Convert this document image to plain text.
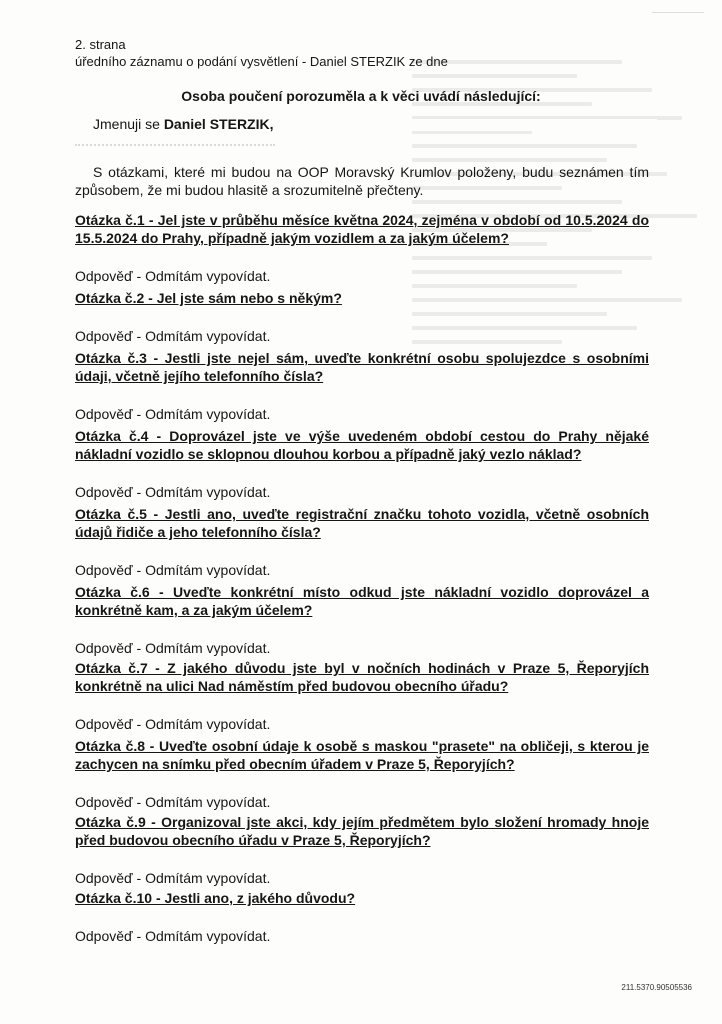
2. strana
úředního záznamu o podání vysvětlení - Daniel STERZIK ze dne
Osoba poučení porozuměla a k věci uvádí následující:
Jmenuji se Daniel STERZIK,
S otázkami, které mi budou na OOP Moravský Krumlov položeny, budu seznámen tím způsobem, že mi budou hlasitě a srozumitelně přečteny.
Otázka č.1 - Jel jste v průběhu měsíce května 2024, zejména v období od 10.5.2024 do 15.5.2024 do Prahy, případně jakým vozidlem a za jakým účelem?
Odpověď - Odmítám vypovídat.
Otázka č.2 - Jel jste sám nebo s někým?
Odpověď - Odmítám vypovídat.
Otázka č.3 - Jestli jste nejel sám, uveďte konkrétní osobu spolujezdce s osobními údaji, včetně jejího telefonního čísla?
Odpověď - Odmítám vypovídat.
Otázka č.4 - Doprovázel jste ve výše uvedeném období cestou do Prahy nějaké nákladní vozidlo se sklopnou dlouhou korbou a případně jaký vezlo náklad?
Odpověď - Odmítám vypovídat.
Otázka č.5 - Jestli ano, uveďte registrační značku tohoto vozidla, včetně osobních údajů řidiče a jeho telefonního čísla?
Odpověď - Odmítám vypovídat.
Otázka č.6 - Uveďte konkrétní místo odkud jste nákladní vozidlo doprovázel a konkrétně kam, a za jakým účelem?
Odpověď - Odmítám vypovídat.
Otázka č.7 - Z jakého důvodu jste byl v nočních hodinách v Praze 5, Řeporyjích konkrétně na ulici Nad náměstím před budovou obecního úřadu?
Odpověď - Odmítám vypovídat.
Otázka č.8 - Uveďte osobní údaje k osobě s maskou "prasete" na obličeji, s kterou je zachycen na snímku před obecním úřadem v Praze 5, Řeporyjích?
Odpověď - Odmítám vypovídat.
Otázka č.9 - Organizoval jste akci, kdy jejím předmětem bylo složení hromady hnoje před budovou obecního úřadu v Praze 5, Řeporyjích?
Odpověď - Odmítám vypovídat.
Otázka č.10 - Jestli ano, z jakého důvodu?
Odpověď - Odmítám vypovídat.
211.5370.90505536
